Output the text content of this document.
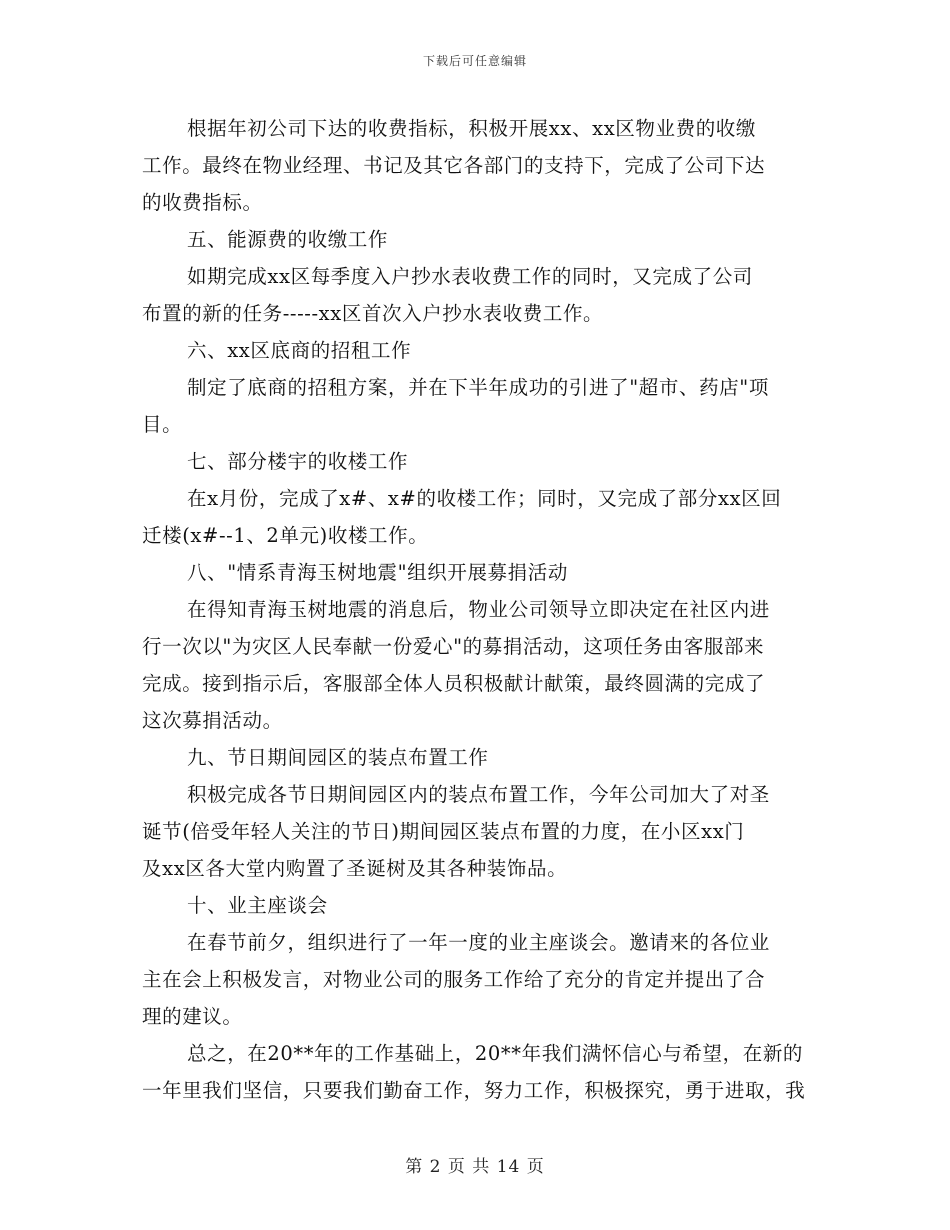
下载后可任意编辑
根据年初公司下达的收费指标，积极开展xx、xx区物业费的收缴
工作。最终在物业经理、书记及其它各部门的支持下，完成了公司下达
的收费指标。
五、能源费的收缴工作
如期完成xx区每季度入户抄水表收费工作的同时，又完成了公司
布置的新的任务-----xx区首次入户抄水表收费工作。
六、xx区底商的招租工作
制定了底商的招租方案，并在下半年成功的引进了"超市、药店"项
目。
七、部分楼宇的收楼工作
在x月份，完成了x#、x#的收楼工作；同时，又完成了部分xx区回
迁楼(x#--1、2单元)收楼工作。
八、"情系青海玉树地震"组织开展募捐活动
在得知青海玉树地震的消息后，物业公司领导立即决定在社区内进
行一次以"为灾区人民奉献一份爱心"的募捐活动，这项任务由客服部来
完成。接到指示后，客服部全体人员积极献计献策，最终圆满的完成了
这次募捐活动。
九、节日期间园区的装点布置工作
积极完成各节日期间园区内的装点布置工作，今年公司加大了对圣
诞节(倍受年轻人关注的节日)期间园区装点布置的力度，在小区xx门
及xx区各大堂内购置了圣诞树及其各种装饰品。
十、业主座谈会
在春节前夕，组织进行了一年一度的业主座谈会。邀请来的各位业
主在会上积极发言，对物业公司的服务工作给了充分的肯定并提出了合
理的建议。
总之，在20**年的工作基础上，20**年我们满怀信心与希望，在新的
一年里我们坚信，只要我们勤奋工作，努力工作，积极探究，勇于进取，我
第 2 页 共 14 页
